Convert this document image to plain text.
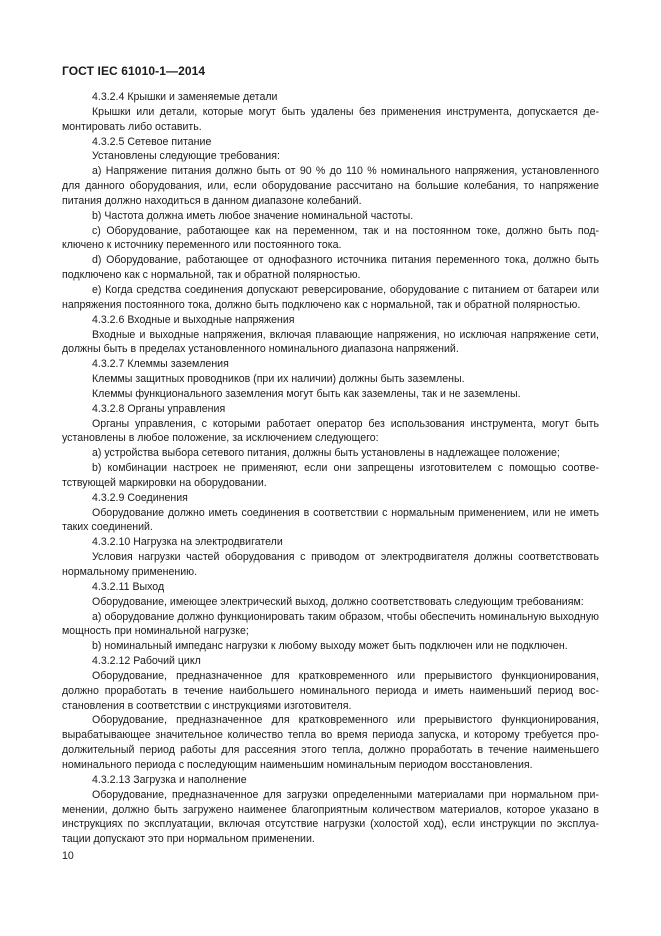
ГОСТ IEC 61010-1—2014

4.3.2.4 Крышки и заменяемые детали

Крышки или детали, которые могут быть удалены без применения инструмента, допускается демонтировать либо оставить.

4.3.2.5 Сетевое питание

Установлены следующие требования:

a) Напряжение питания должно быть от 90 % до 110 % номинального напряжения, установленного для данного оборудования, или, если оборудование рассчитано на большие колебания, то напряжение питания должно находиться в данном диапазоне колебаний.

b) Частота должна иметь любое значение номинальной частоты.

c) Оборудование, работающее как на переменном, так и на постоянном токе, должно быть подключено к источнику переменного или постоянного тока.

d) Оборудование, работающее от однофазного источника питания переменного тока, должно быть подключено как с нормальной, так и обратной полярностью.

e) Когда средства соединения допускают реверсирование, оборудование с питанием от батареи или напряжения постоянного тока, должно быть подключено как с нормальной, так и обратной полярностью.

4.3.2.6 Входные и выходные напряжения

Входные и выходные напряжения, включая плавающие напряжения, но исключая напряжение сети, должны быть в пределах установленного номинального диапазона напряжений.

4.3.2.7 Клеммы заземления

Клеммы защитных проводников (при их наличии) должны быть заземлены.

Клеммы функционального заземления могут быть как заземлены, так и не заземлены.

4.3.2.8 Органы управления

Органы управления, с которыми работает оператор без использования инструмента, могут быть установлены в любое положение, за исключением следующего:

a) устройства выбора сетевого питания, должны быть установлены в надлежащее положение;

b) комбинации настроек не применяют, если они запрещены изготовителем с помощью соответствующей маркировки на оборудовании.

4.3.2.9 Соединения

Оборудование должно иметь соединения в соответствии с нормальным применением, или не иметь таких соединений.

4.3.2.10 Нагрузка на электродвигатели

Условия нагрузки частей оборудования с приводом от электродвигателя должны соответствовать нормальному применению.

4.3.2.11 Выход

Оборудование, имеющее электрический выход, должно соответствовать следующим требованиям:

a) оборудование должно функционировать таким образом, чтобы обеспечить номинальную выходную мощность при номинальной нагрузке;

b) номинальный импеданс нагрузки к любому выходу может быть подключен или не подключен.

4.3.2.12 Рабочий цикл

Оборудование, предназначенное для кратковременного или прерывистого функционирования, должно проработать в течение наибольшего номинального периода и иметь наименьший период восстановления в соответствии с инструкциями изготовителя.

Оборудование, предназначенное для кратковременного или прерывистого функционирования, вырабатывающее значительное количество тепла во время периода запуска, и которому требуется продолжительный период работы для рассеяния этого тепла, должно проработать в течение наименьшего номинального периода с последующим наименьшим номинальным периодом восстановления.

4.3.2.13 Загрузка и наполнение

Оборудование, предназначенное для загрузки определенными материалами при нормальном применении, должно быть загружено наименее благоприятным количеством материалов, которое указано в инструкциях по эксплуатации, включая отсутствие нагрузки (холостой ход), если инструкции по эксплуатации допускают это при нормальном применении.

10
